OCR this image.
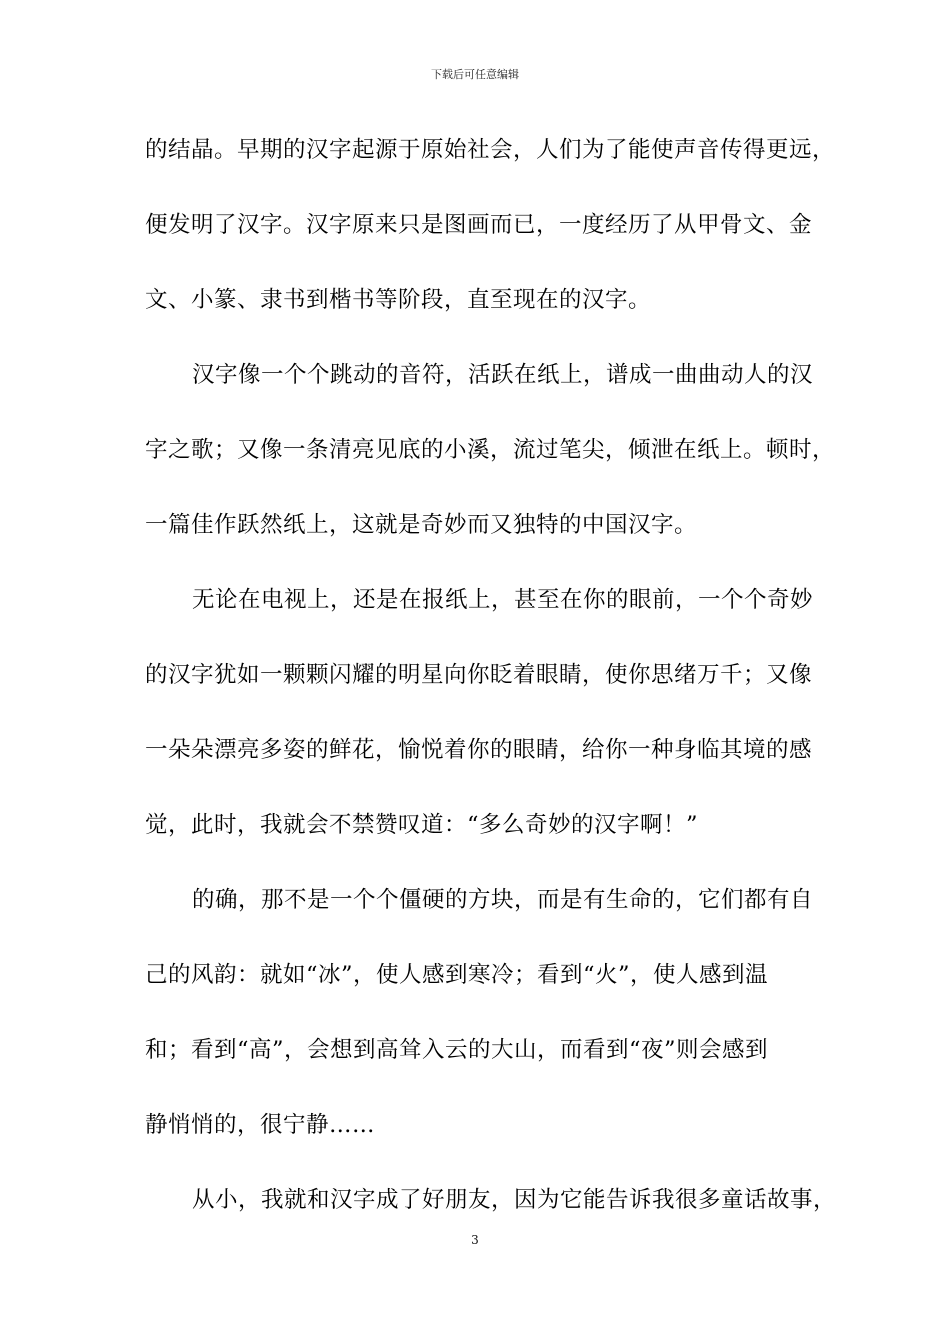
下载后可任意编辑
的结晶。早期的汉字起源于原始社会，人们为了能使声音传得更远，
便发明了汉字。汉字原来只是图画而已，一度经历了从甲骨文、金
文、小篆、隶书到楷书等阶段，直至现在的汉字。
汉字像一个个跳动的音符，活跃在纸上，谱成一曲曲动人的汉
字之歌；又像一条清亮见底的小溪，流过笔尖，倾泄在纸上。顿时，
一篇佳作跃然纸上，这就是奇妙而又独特的中国汉字。
无论在电视上，还是在报纸上，甚至在你的眼前，一个个奇妙
的汉字犹如一颗颗闪耀的明星向你眨着眼睛，使你思绪万千；又像
一朵朵漂亮多姿的鲜花，愉悦着你的眼睛，给你一种身临其境的感
觉，此时，我就会不禁赞叹道：“多么奇妙的汉字啊！”
的确，那不是一个个僵硬的方块，而是有生命的，它们都有自
己的风韵：就如“冰”，使人感到寒冷；看到“火”，使人感到温
和；看到“高”，会想到高耸入云的大山，而看到“夜”则会感到
静悄悄的，很宁静……
从小，我就和汉字成了好朋友，因为它能告诉我很多童话故事，
3
